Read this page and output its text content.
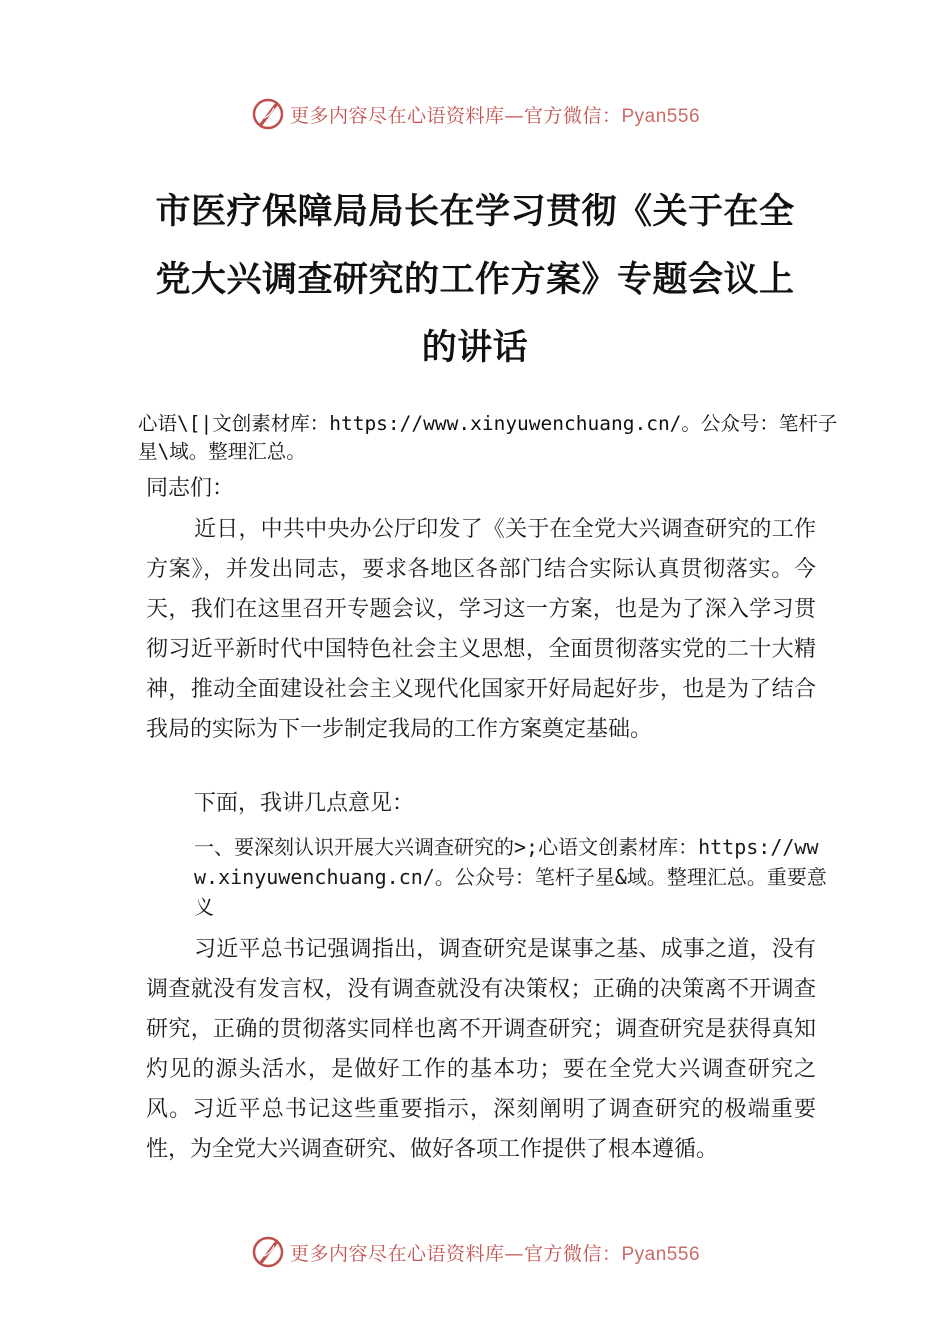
更多内容尽在心语资料库—官方微信：Pyan556
市医疗保障局局长在学习贯彻《关于在全党大兴调查研究的工作方案》专题会议上的讲话
心语\[|文创素材库：https://www.xinyuwenchuang.cn/。公众号：笔杆子星\域。整理汇总。
同志们：
近日，中共中央办公厅印发了《关于在全党大兴调查研究的工作方案》，并发出同志，要求各地区各部门结合实际认真贯彻落实。今天，我们在这里召开专题会议，学习这一方案，也是为了深入学习贯彻习近平新时代中国特色社会主义思想，全面贯彻落实党的二十大精神，推动全面建设社会主义现代化国家开好局起好步，也是为了结合我局的实际为下一步制定我局的工作方案奠定基础。
下面，我讲几点意见：
一、要深刻认识开展大兴调查研究的>;心语文创素材库：https://www.xinyuwenchuang.cn/。公众号：笔杆子星&域。整理汇总。重要意义
习近平总书记强调指出，调查研究是谋事之基、成事之道，没有调查就没有发言权，没有调查就没有决策权；正确的决策离不开调查研究，正确的贯彻落实同样也离不开调查研究；调查研究是获得真知灼见的源头活水，是做好工作的基本功；要在全党大兴调查研究之风。习近平总书记这些重要指示，深刻阐明了调查研究的极端重要性，为全党大兴调查研究、做好各项工作提供了根本遵循。
更多内容尽在心语资料库—官方微信：Pyan556
